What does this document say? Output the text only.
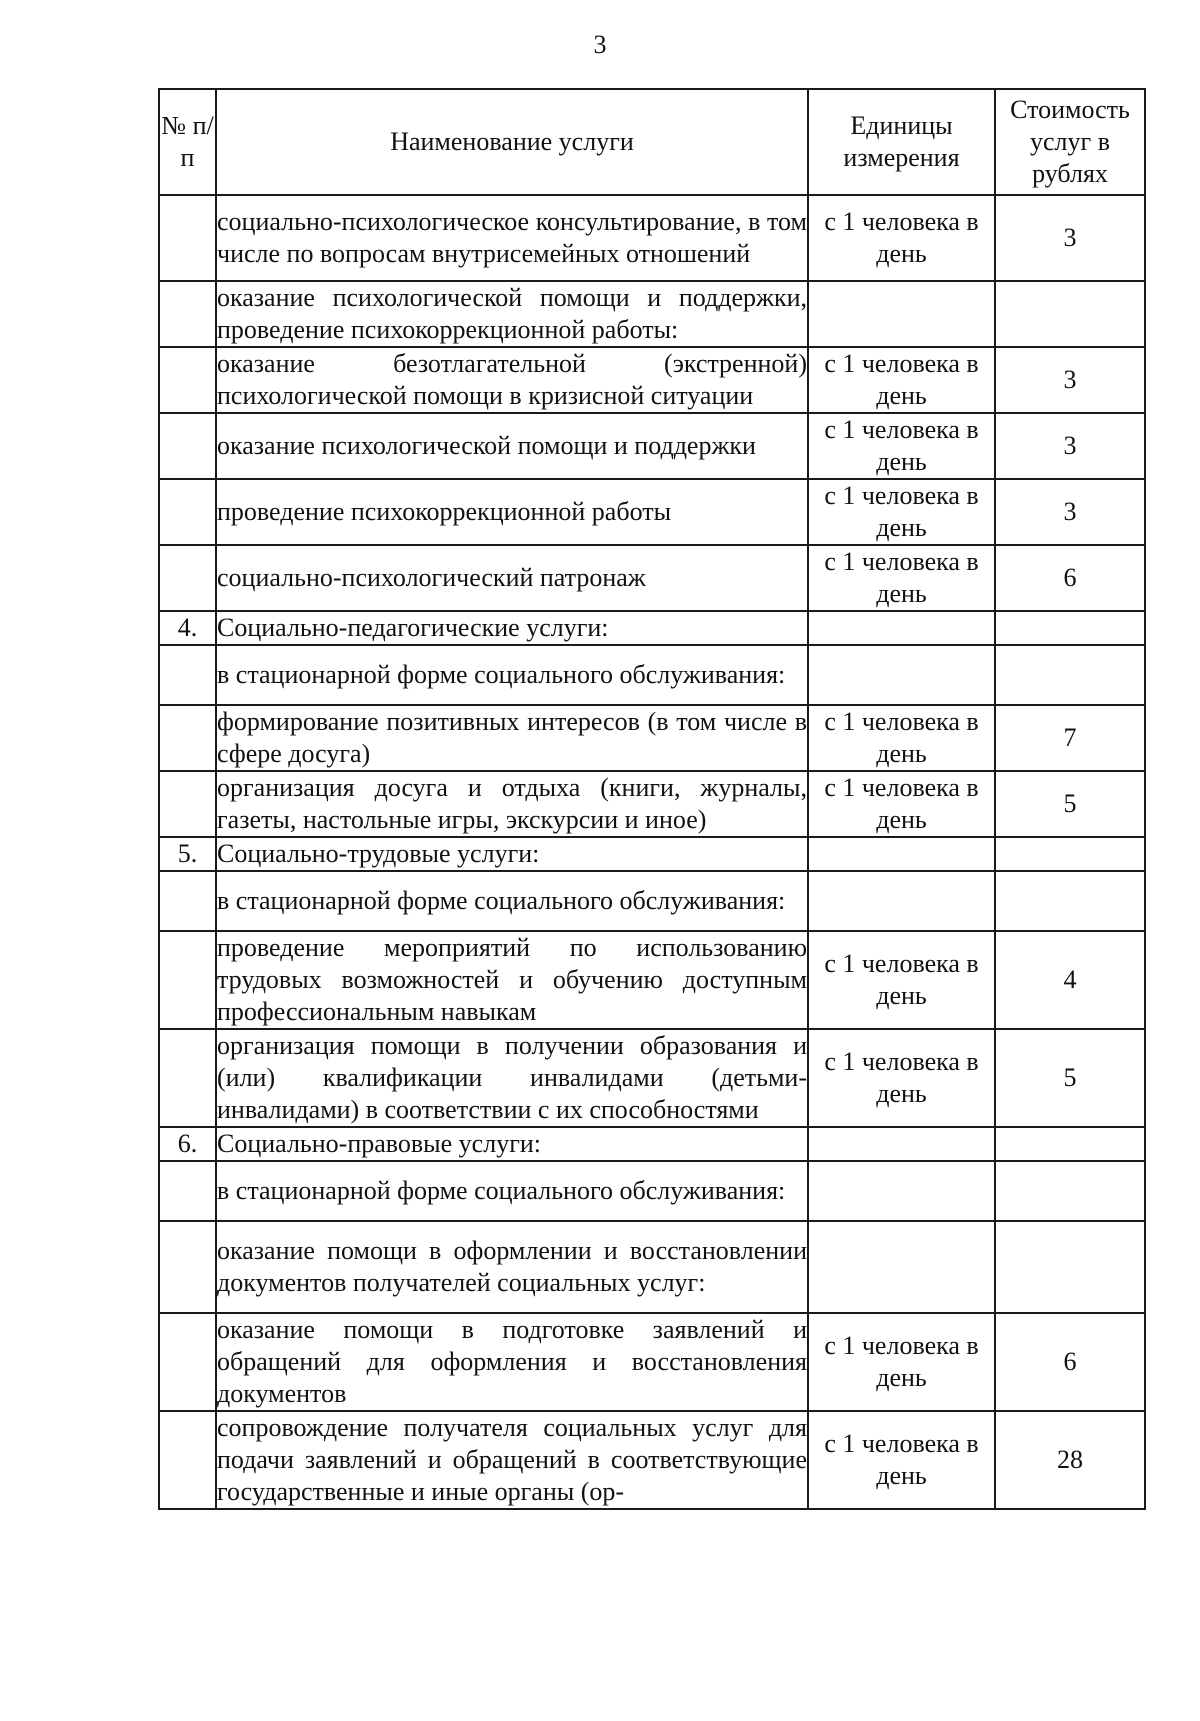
3
№ п/п	Наименование услуги	Единицы измерения	Стоимость услуг в рублях
	социально-психологическое консультирование, в том числе по вопросам внутрисемейных отношений	с 1 человека в день	3
	оказание психологической помощи и поддержки, проведение психокоррекционной работы:		
	оказание безотлагательной (экстренной) психологической помощи в кризисной ситуации	с 1 человека в день	3
	оказание психологической помощи и поддержки	с 1 человека в день	3
	проведение психокоррекционной работы	с 1 человека в день	3
	социально-психологический патронаж	с 1 человека в день	6
4.	Социально-педагогические услуги:		
	в стационарной форме социального обслуживания:		
	формирование позитивных интересов (в том числе в сфере досуга)	с 1 человека в день	7
	организация досуга и отдыха (книги, журналы, газеты, настольные игры, экскурсии и иное)	с 1 человека в день	5
5.	Социально-трудовые услуги:		
	в стационарной форме социального обслуживания:		
	проведение мероприятий по использованию трудовых возможностей и обучению доступным профессиональным навыкам	с 1 человека в день	4
	организация помощи в получении образования и (или) квалификации инвалидами (детьми-инвалидами) в соответствии с их способностями	с 1 человека в день	5
6.	Социально-правовые услуги:		
	в стационарной форме социального обслуживания:		
	оказание помощи в оформлении и восстановлении документов получателей социальных услуг:		
	оказание помощи в подготовке заявлений и обращений для оформления и восстановления документов	с 1 человека в день	6
	сопровождение получателя социальных услуг для подачи заявлений и обращений в соответствующие государственные и иные органы (ор-	с 1 человека в день	28
